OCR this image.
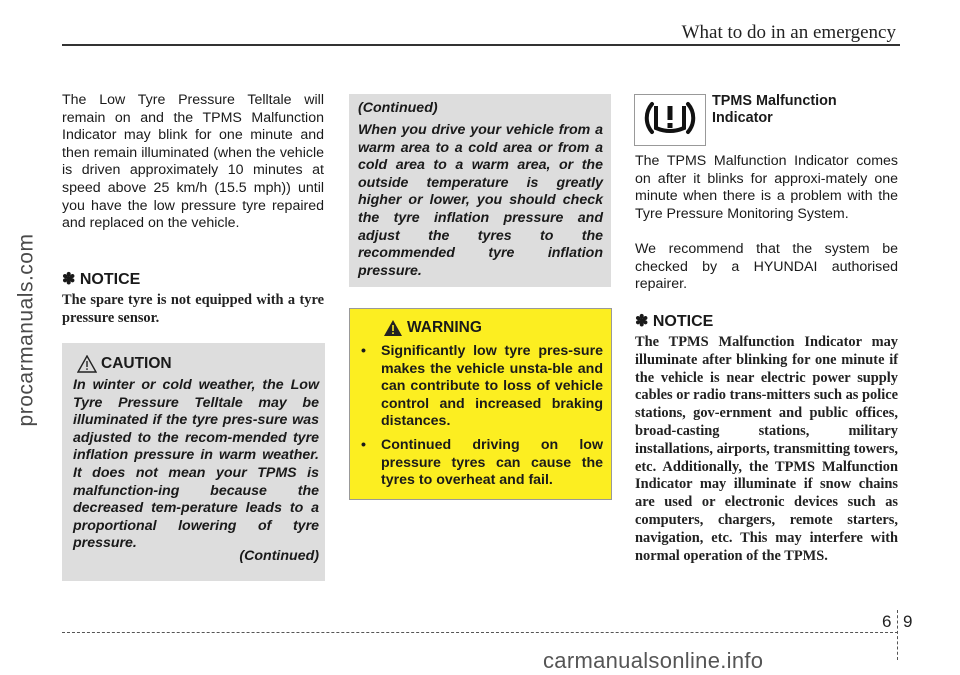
What to do in an emergency
procarmanuals.com
The Low Tyre Pressure Telltale will remain on and the TPMS Malfunction Indicator may blink for one minute and then remain illuminated (when the vehicle is driven approximately 10 minutes at speed above 25 km/h (15.5 mph)) until you have the low pressure tyre repaired and replaced on the vehicle.
✽ NOTICE
The spare tyre is not equipped with a tyre pressure sensor.
CAUTION
In winter or cold weather, the Low Tyre Pressure Telltale may be illuminated if the tyre pres-sure was adjusted to the recom-mended tyre inflation pressure in warm weather. It does not mean your TPMS is malfunction-ing because the decreased tem-perature leads to a proportional lowering of tyre pressure.
(Continued)
(Continued)
When you drive your vehicle from a warm area to a cold area or from a cold area to a warm area, or the outside temperature is greatly higher or lower, you should check the tyre inflation pressure and adjust the tyres to the recommended tyre inflation pressure.
WARNING
• Significantly low tyre pres-sure makes the vehicle unsta-ble and can contribute to loss of vehicle control and increased braking distances.
• Continued driving on low pressure tyres can cause the tyres to overheat and fail.
TPMS Malfunction
Indicator
The TPMS Malfunction Indicator comes on after it blinks for approxi-mately one minute when there is a problem with the Tyre Pressure Monitoring System.
We recommend that the system be checked by a HYUNDAI authorised repairer.
✽ NOTICE
The TPMS Malfunction Indicator may illuminate after blinking for one minute if the vehicle is near electric power supply cables or radio trans-mitters such as police stations, gov-ernment and public offices, broad-casting stations, military installations, airports, transmitting towers, etc. Additionally, the TPMS Malfunction Indicator may illuminate if snow chains are used or electronic devices such as computers, chargers, remote starters, navigation, etc. This may interfere with normal operation of the TPMS.
6 9
carmanualsonline.info
